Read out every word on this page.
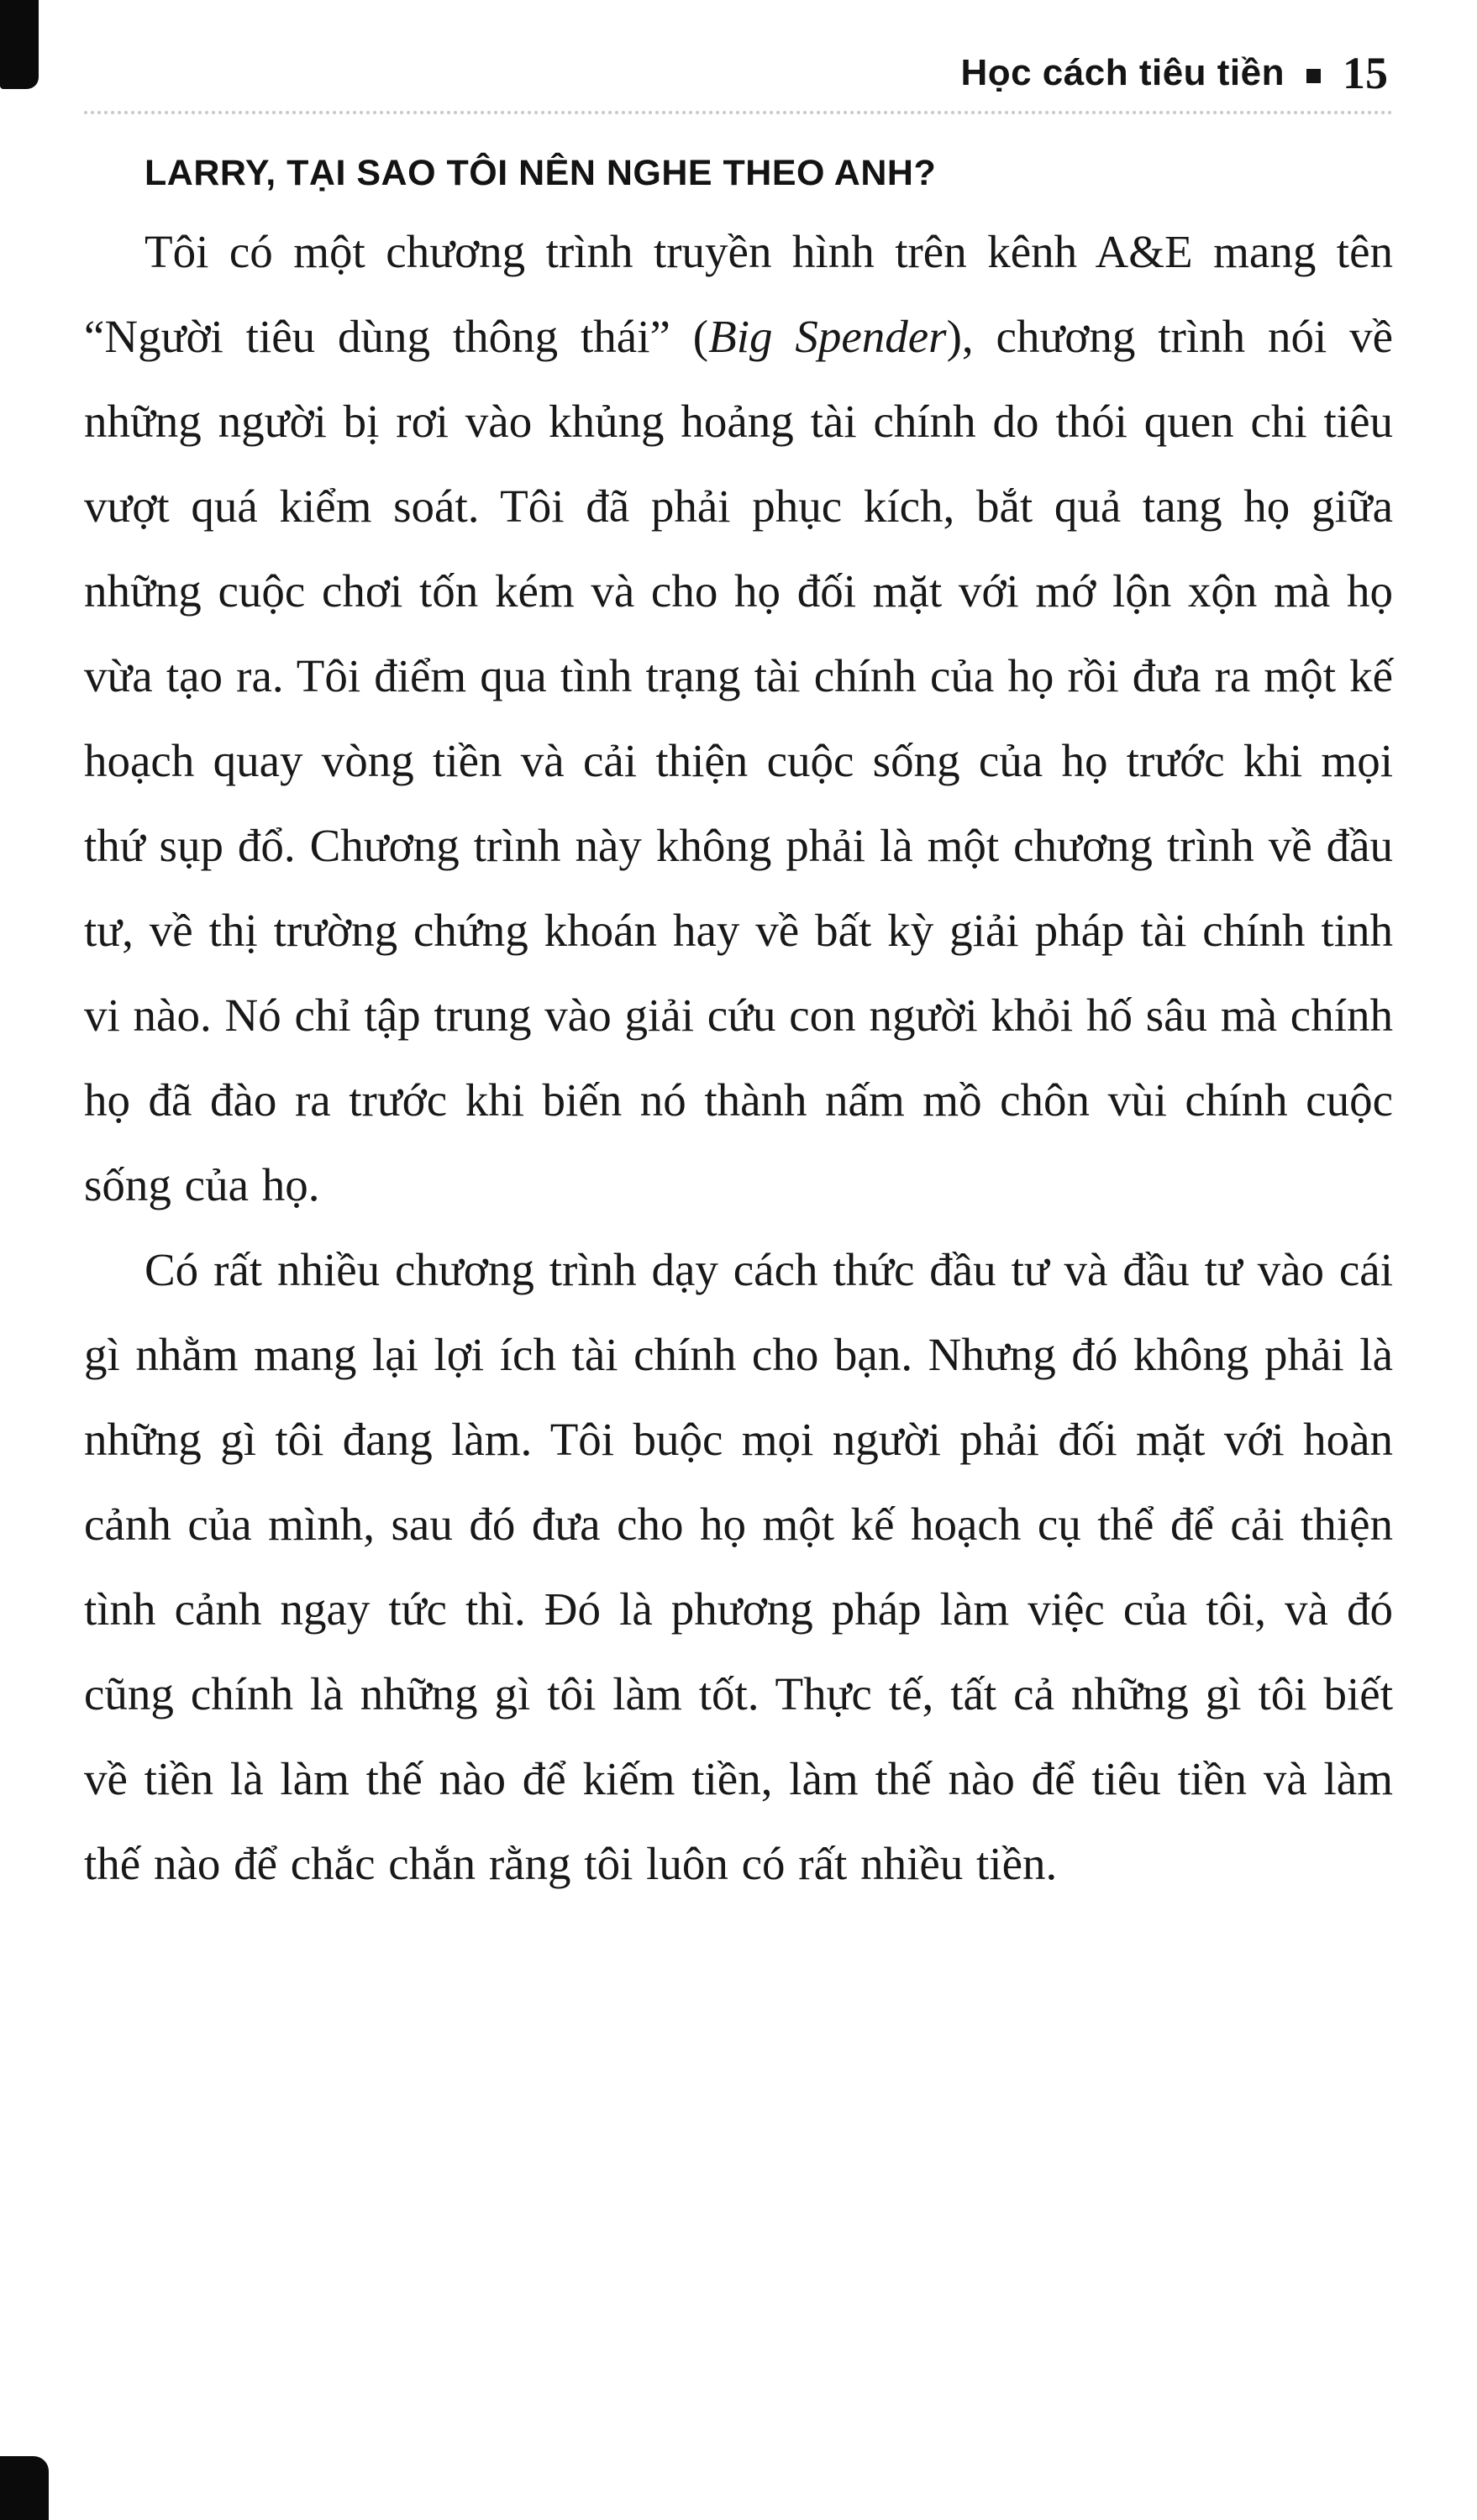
Học cách tiêu tiền 15
LARRY, TẠI SAO TÔI NÊN NGHE THEO ANH?

Tôi có một chương trình truyền hình trên kênh A&E mang tên “Người tiêu dùng thông thái” (Big Spender), chương trình nói về những người bị rơi vào khủng hoảng tài chính do thói quen chi tiêu vượt quá kiểm soát. Tôi đã phải phục kích, bắt quả tang họ giữa những cuộc chơi tốn kém và cho họ đối mặt với mớ lộn xộn mà họ vừa tạo ra. Tôi điểm qua tình trạng tài chính của họ rồi đưa ra một kế hoạch quay vòng tiền và cải thiện cuộc sống của họ trước khi mọi thứ sụp đổ. Chương trình này không phải là một chương trình về đầu tư, về thị trường chứng khoán hay về bất kỳ giải pháp tài chính tinh vi nào. Nó chỉ tập trung vào giải cứu con người khỏi hố sâu mà chính họ đã đào ra trước khi biến nó thành nấm mồ chôn vùi chính cuộc sống của họ.

Có rất nhiều chương trình dạy cách thức đầu tư và đầu tư vào cái gì nhằm mang lại lợi ích tài chính cho bạn. Nhưng đó không phải là những gì tôi đang làm. Tôi buộc mọi người phải đối mặt với hoàn cảnh của mình, sau đó đưa cho họ một kế hoạch cụ thể để cải thiện tình cảnh ngay tức thì. Đó là phương pháp làm việc của tôi, và đó cũng chính là những gì tôi làm tốt. Thực tế, tất cả những gì tôi biết về tiền là làm thế nào để kiếm tiền, làm thế nào để tiêu tiền và làm thế nào để chắc chắn rằng tôi luôn có rất nhiều tiền.
